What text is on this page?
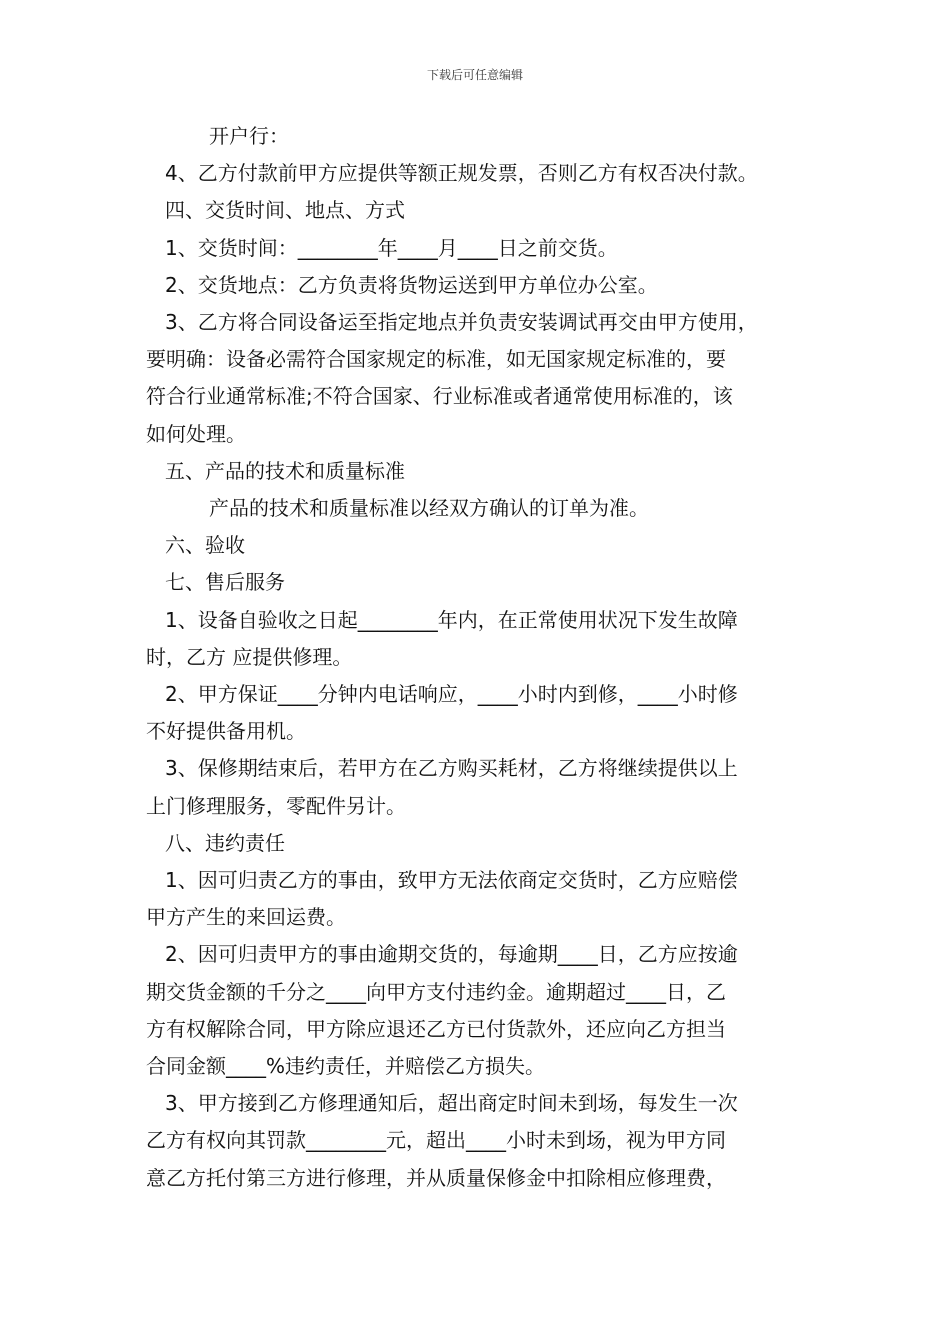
下载后可任意编辑

开户行：

4、乙方付款前甲方应提供等额正规发票，否则乙方有权否决付款。

四、交货时间、地点、方式

1、交货时间：________年____月____日之前交货。

2、交货地点：乙方负责将货物运送到甲方单位办公室。

3、乙方将合同设备运至指定地点并负责安装调试再交由甲方使用，

要明确：设备必需符合国家规定的标准，如无国家规定标准的，要

符合行业通常标准;不符合国家、行业标准或者通常使用标准的，该

如何处理。

五、产品的技术和质量标准

产品的技术和质量标准以经双方确认的订单为准。

六、验收

七、售后服务

1、设备自验收之日起________年内，在正常使用状况下发生故障

时，乙方 应提供修理。

2、甲方保证____分钟内电话响应，____小时内到修，____小时修

不好提供备用机。

3、保修期结束后，若甲方在乙方购买耗材，乙方将继续提供以上

上门修理服务，零配件另计。

八、违约责任

1、因可归责乙方的事由，致甲方无法依商定交货时，乙方应赔偿

甲方产生的来回运费。

2、因可归责甲方的事由逾期交货的，每逾期____日，乙方应按逾

期交货金额的千分之____向甲方支付违约金。逾期超过____日，乙

方有权解除合同，甲方除应退还乙方已付货款外，还应向乙方担当

合同金额____%违约责任，并赔偿乙方损失。

3、甲方接到乙方修理通知后，超出商定时间未到场，每发生一次

乙方有权向其罚款________元，超出____小时未到场，视为甲方同

意乙方托付第三方进行修理，并从质量保修金中扣除相应修理费，
